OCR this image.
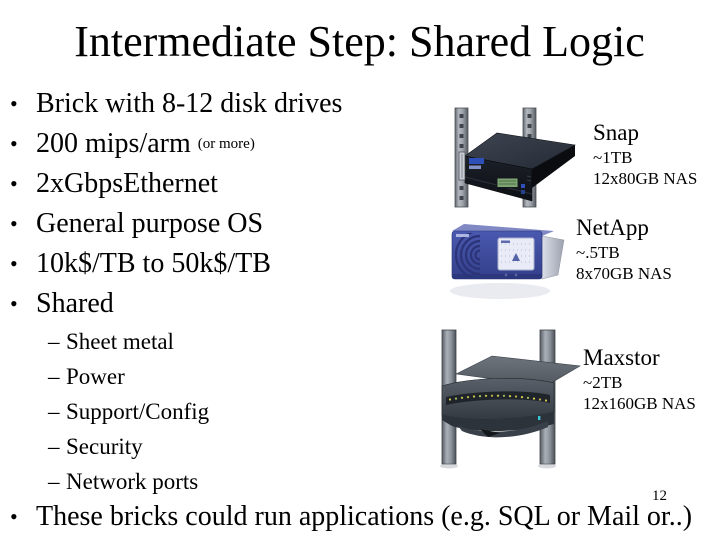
Intermediate Step: Shared Logic
• Brick with 8-12 disk drives
• 200 mips/arm (or more)
• 2xGbpsEthernet
• General purpose OS
• 10k$/TB to 50k$/TB
• Shared
– Sheet metal
– Power
– Support/Config
– Security
– Network ports
• These bricks could run applications (e.g. SQL or Mail or..)
12
Snap
~1TB
12x80GB NAS
NetApp
~.5TB
8x70GB NAS
Maxstor
~2TB
12x160GB NAS
